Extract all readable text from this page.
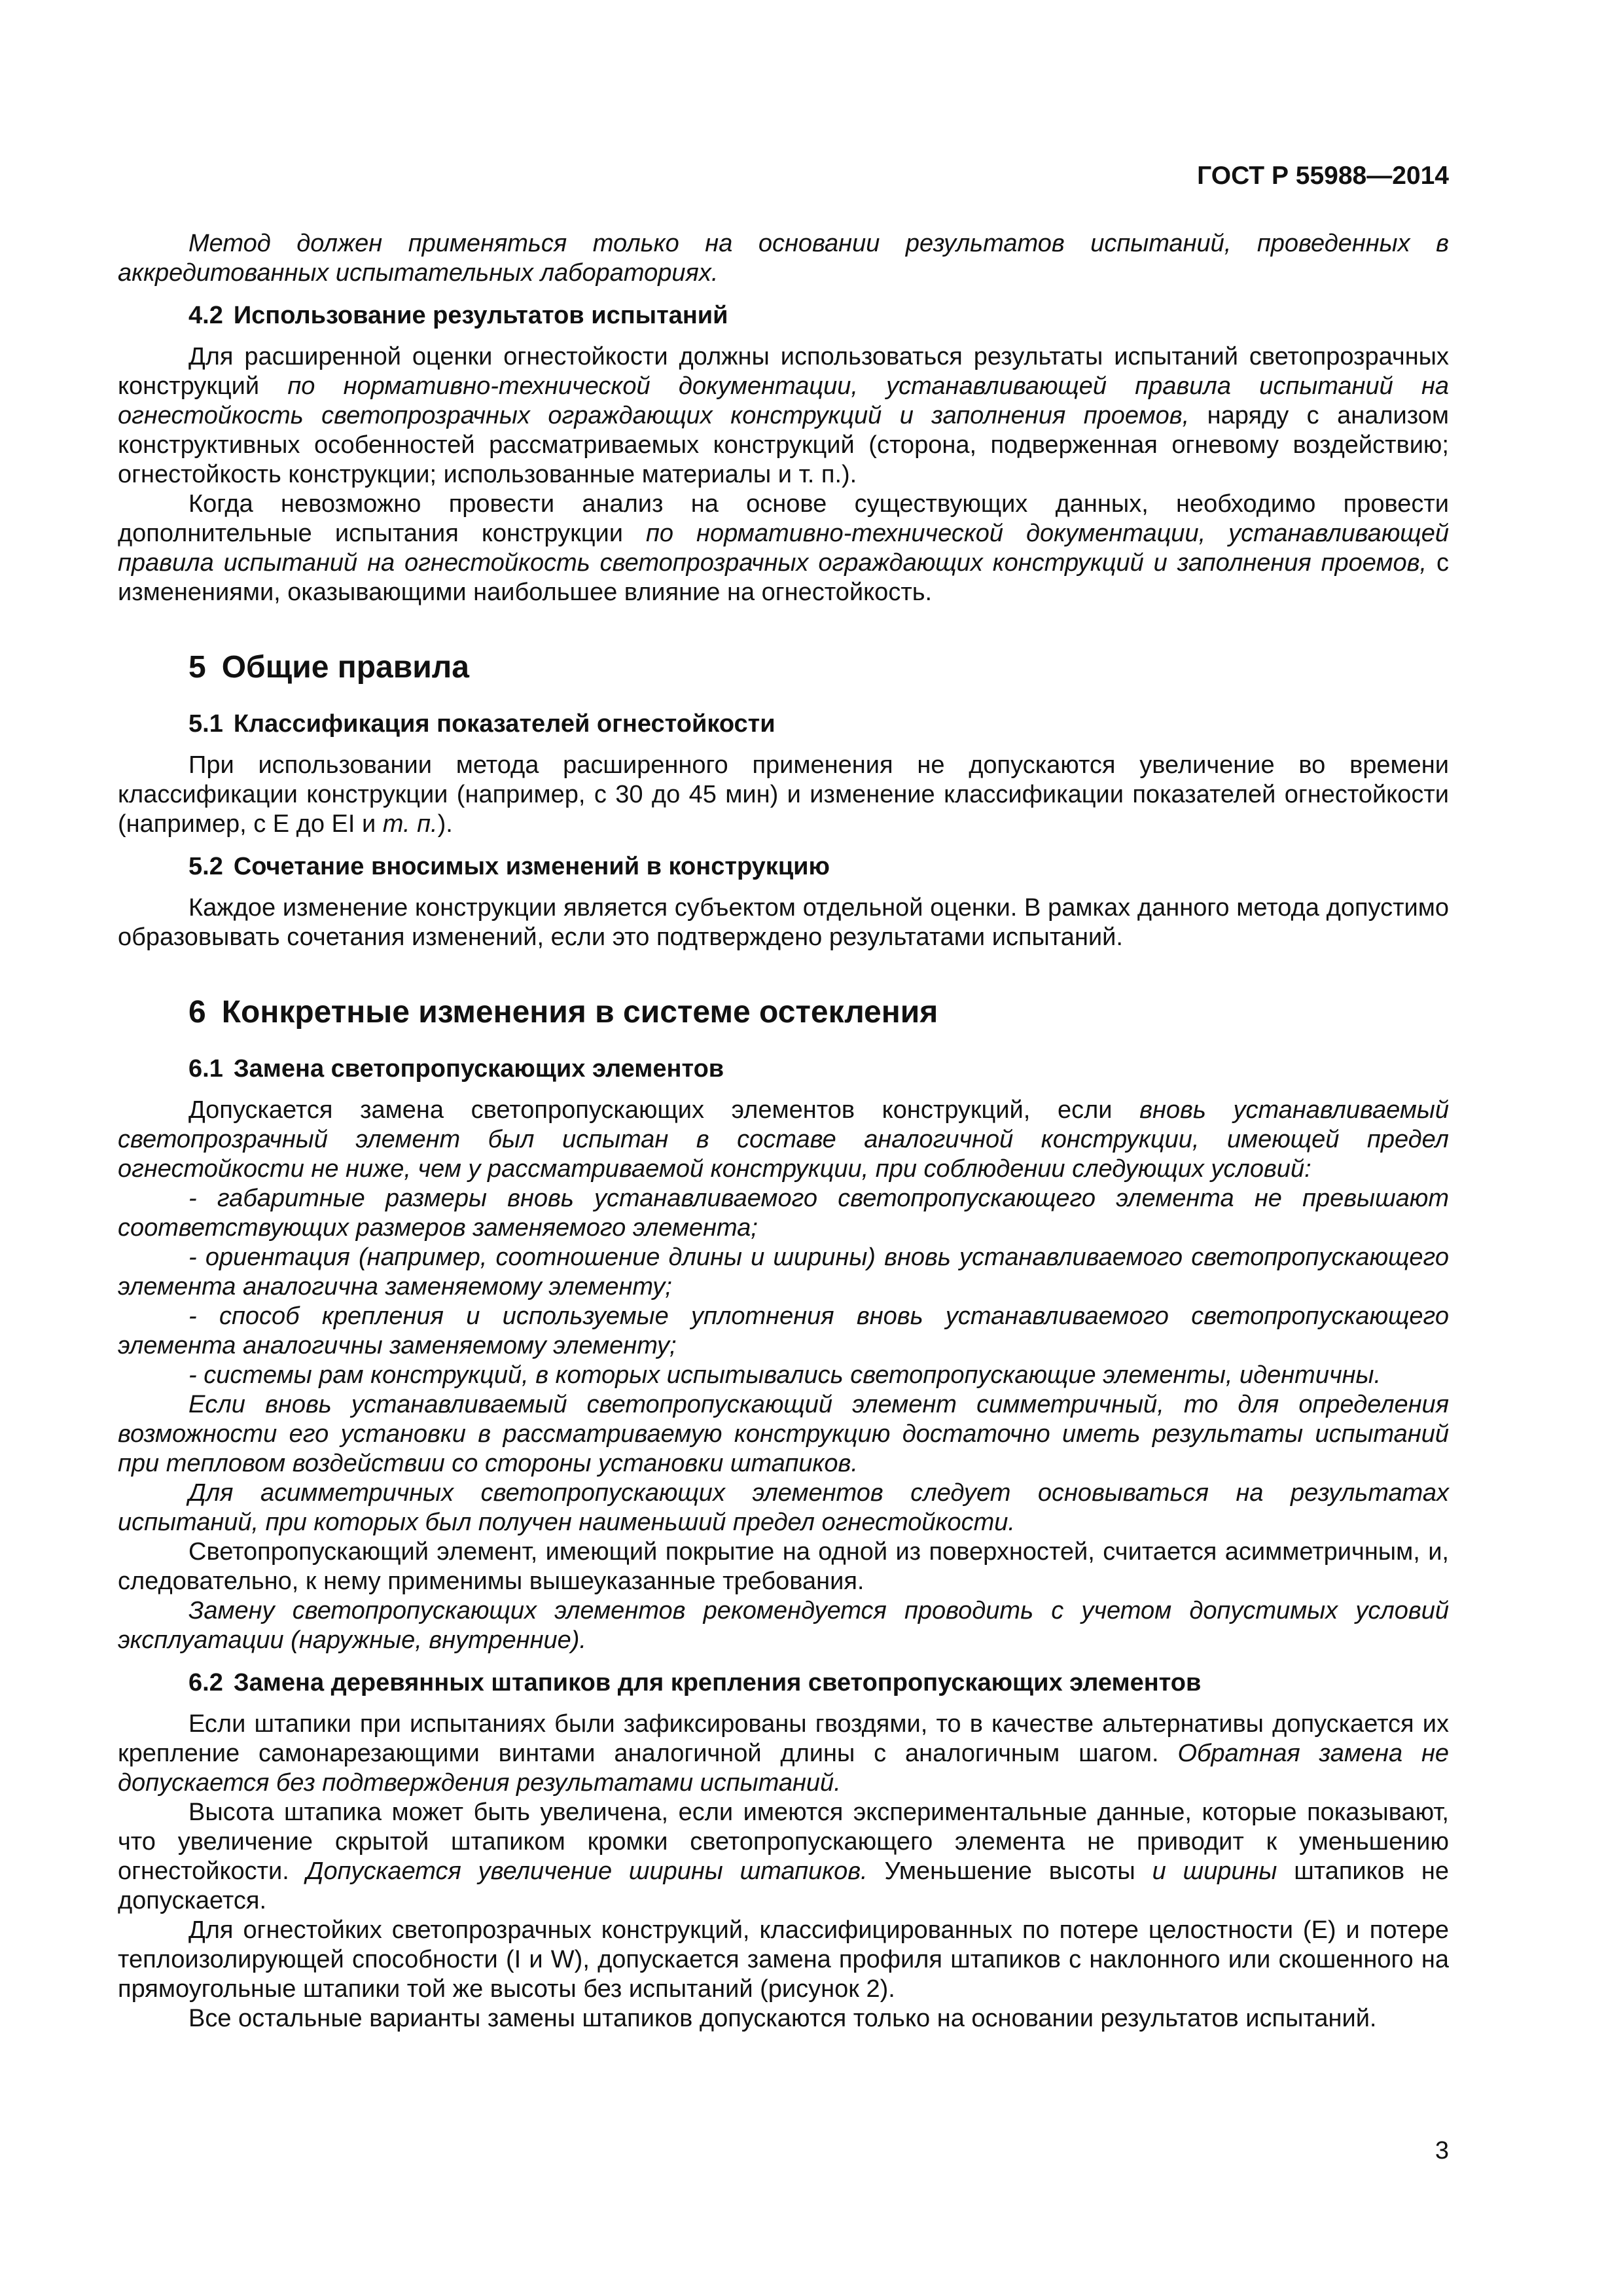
ГОСТ Р 55988—2014

Метод должен применяться только на основании результатов испытаний, проведенных в аккредитованных испытательных лабораториях.

4.2 Использование результатов испытаний

Для расширенной оценки огнестойкости должны использоваться результаты испытаний светопрозрачных конструкций по нормативно-технической документации, устанавливающей правила испытаний на огнестойкость светопрозрачных ограждающих конструкций и заполнения проемов, наряду с анализом конструктивных особенностей рассматриваемых конструкций (сторона, подверженная огневому воздействию; огнестойкость конструкции; использованные материалы и т. п.).

Когда невозможно провести анализ на основе существующих данных, необходимо провести дополнительные испытания конструкции по нормативно-технической документации, устанавливающей правила испытаний на огнестойкость светопрозрачных ограждающих конструкций и заполнения проемов, с изменениями, оказывающими наибольшее влияние на огнестойкость.

5 Общие правила
5.1 Классификация показателей огнестойкости

При использовании метода расширенного применения не допускаются увеличение во времени классификации конструкции (например, с 30 до 45 мин) и изменение классификации показателей огнестойкости (например, с Е до EI и т. п.).

5.2 Сочетание вносимых изменений в конструкцию

Каждое изменение конструкции является субъектом отдельной оценки. В рамках данного метода допустимо образовывать сочетания изменений, если это подтверждено результатами испытаний.

6 Конкретные изменения в системе остекления
6.1 Замена светопропускающих элементов

Допускается замена светопропускающих элементов конструкций, если вновь устанавливаемый светопрозрачный элемент был испытан в составе аналогичной конструкции, имеющей предел огнестойкости не ниже, чем у рассматриваемой конструкции, при соблюдении следующих условий:

- габаритные размеры вновь устанавливаемого светопропускающего элемента не превышают соответствующих размеров заменяемого элемента;

- ориентация (например, соотношение длины и ширины) вновь устанавливаемого светопропускающего элемента аналогична заменяемому элементу;

- способ крепления и используемые уплотнения вновь устанавливаемого светопропускающего элемента аналогичны заменяемому элементу;

- системы рам конструкций, в которых испытывались светопропускающие элементы, идентичны.

Если вновь устанавливаемый светопропускающий элемент симметричный, то для определения возможности его установки в рассматриваемую конструкцию достаточно иметь результаты испытаний при тепловом воздействии со стороны установки штапиков.

Для асимметричных светопропускающих элементов следует основываться на результатах испытаний, при которых был получен наименьший предел огнестойкости.

Светопропускающий элемент, имеющий покрытие на одной из поверхностей, считается асимметричным, и, следовательно, к нему применимы вышеуказанные требования.

Замену светопропускающих элементов рекомендуется проводить с учетом допустимых условий эксплуатации (наружные, внутренние).

6.2 Замена деревянных штапиков для крепления светопропускающих элементов

Если штапики при испытаниях были зафиксированы гвоздями, то в качестве альтернативы допускается их крепление самонарезающими винтами аналогичной длины с аналогичным шагом. Обратная замена не допускается без подтверждения результатами испытаний.

Высота штапика может быть увеличена, если имеются экспериментальные данные, которые показывают, что увеличение скрытой штапиком кромки светопропускающего элемента не приводит к уменьшению огнестойкости. Допускается увеличение ширины штапиков. Уменьшение высоты и ширины штапиков не допускается.

Для огнестойких светопрозрачных конструкций, классифицированных по потере целостности (E) и потере теплоизолирующей способности (I и W), допускается замена профиля штапиков с наклонного или скошенного на прямоугольные штапики той же высоты без испытаний (рисунок 2).

Все остальные варианты замены штапиков допускаются только на основании результатов испытаний.

3
